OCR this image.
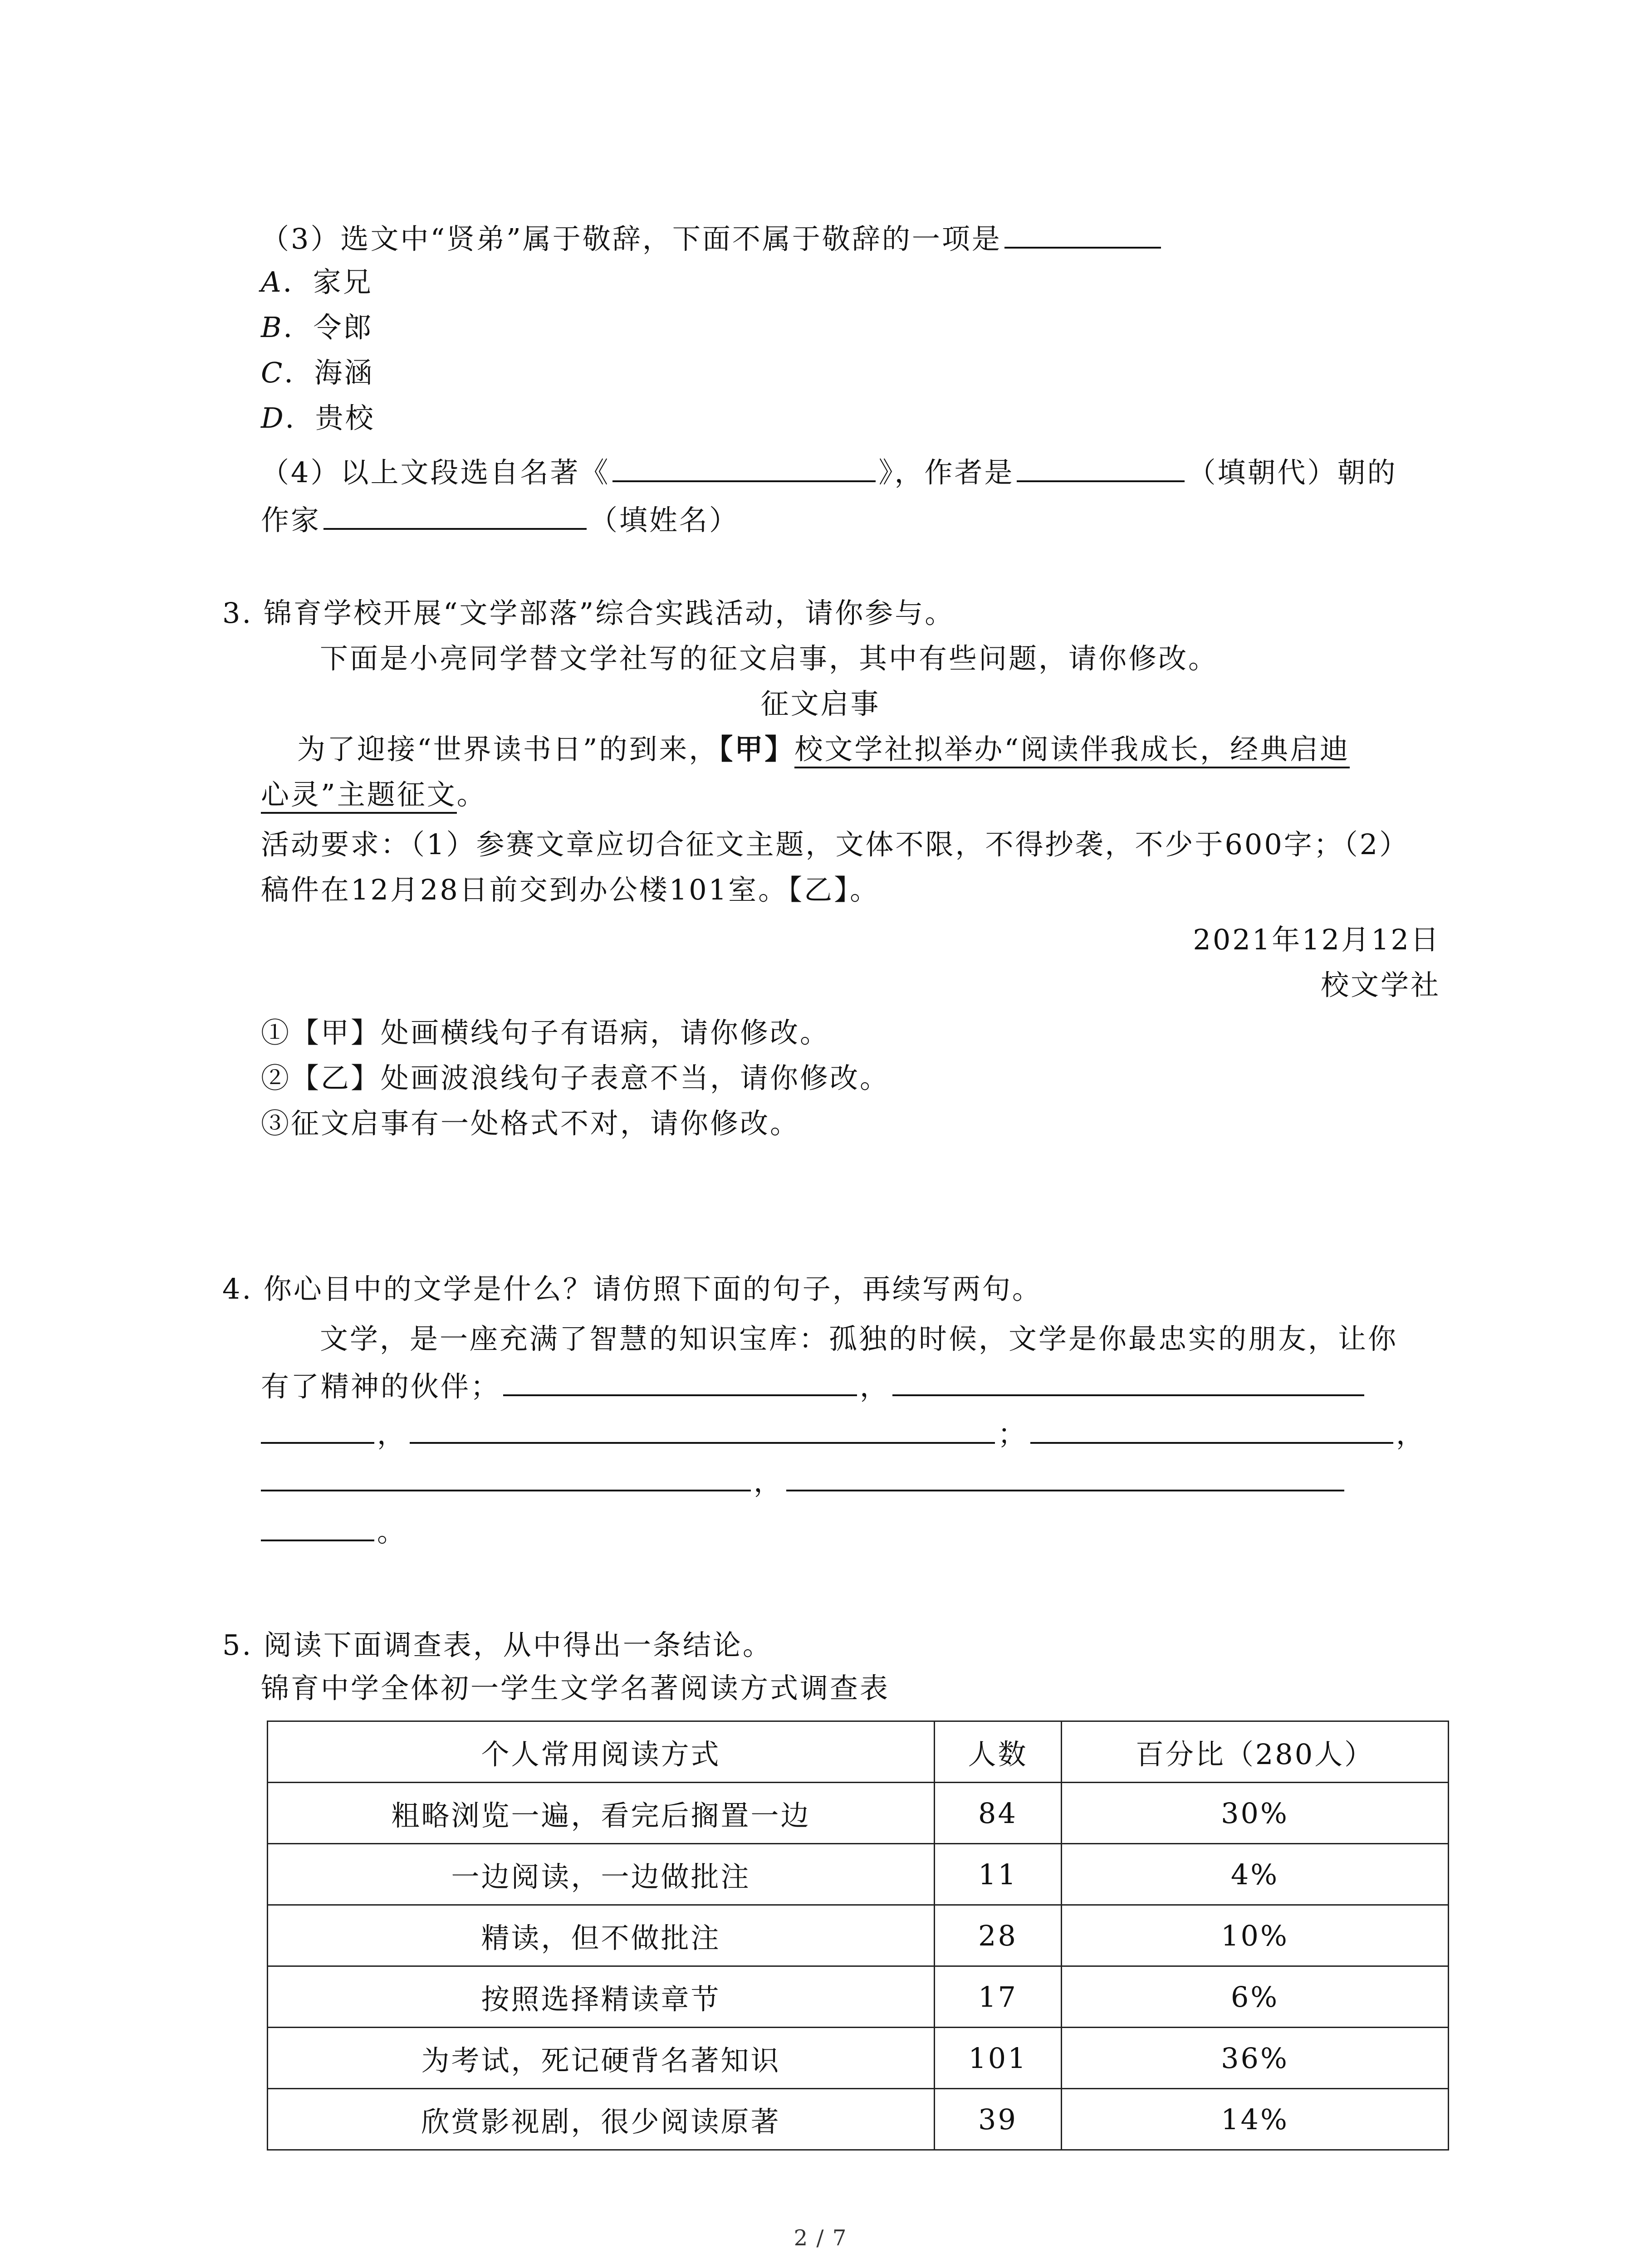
（3）选文中“贤弟”属于敬辞，下面不属于敬辞的一项是
A．家兄
B．令郎
C．海涵
D．贵校
（4）以上文段选自名著《	》，作者是	（填朝代）朝的
作家	（填姓名）
3. 锦育学校开展“文学部落”综合实践活动，请你参与。
下面是小亮同学替文学社写的征文启事，其中有些问题，请你修改。
征文启事
为了迎接“世界读书日”的到来，【甲】校文学社拟举办“阅读伴我成长，经典启迪
心灵”主题征文。
活动要求：（1）参赛文章应切合征文主题，文体不限，不得抄袭，不少于600字；（2）
稿件在12月28日前交到办公楼101室。【乙】。
2021年12月12日
校文学社
①【甲】处画横线句子有语病，请你修改。
②【乙】处画波浪线句子表意不当，请你修改。
③征文启事有一处格式不对，请你修改。
4. 你心目中的文学是什么？请仿照下面的句子，再续写两句。
文学，是一座充满了智慧的知识宝库：孤独的时候，文学是你最忠实的朋友，让你
有了精神的伙伴；	，
，	；	，
，
。
5. 阅读下面调查表，从中得出一条结论。
锦育中学全体初一学生文学名著阅读方式调查表
个人常用阅读方式	人数	百分比（280人）
粗略浏览一遍，看完后搁置一边	84	30%
一边阅读，一边做批注	11	4%
精读，但不做批注	28	10%
按照选择精读章节	17	6%
为考试，死记硬背名著知识	101	36%
欣赏影视剧，很少阅读原著	39	14%
2 / 7
